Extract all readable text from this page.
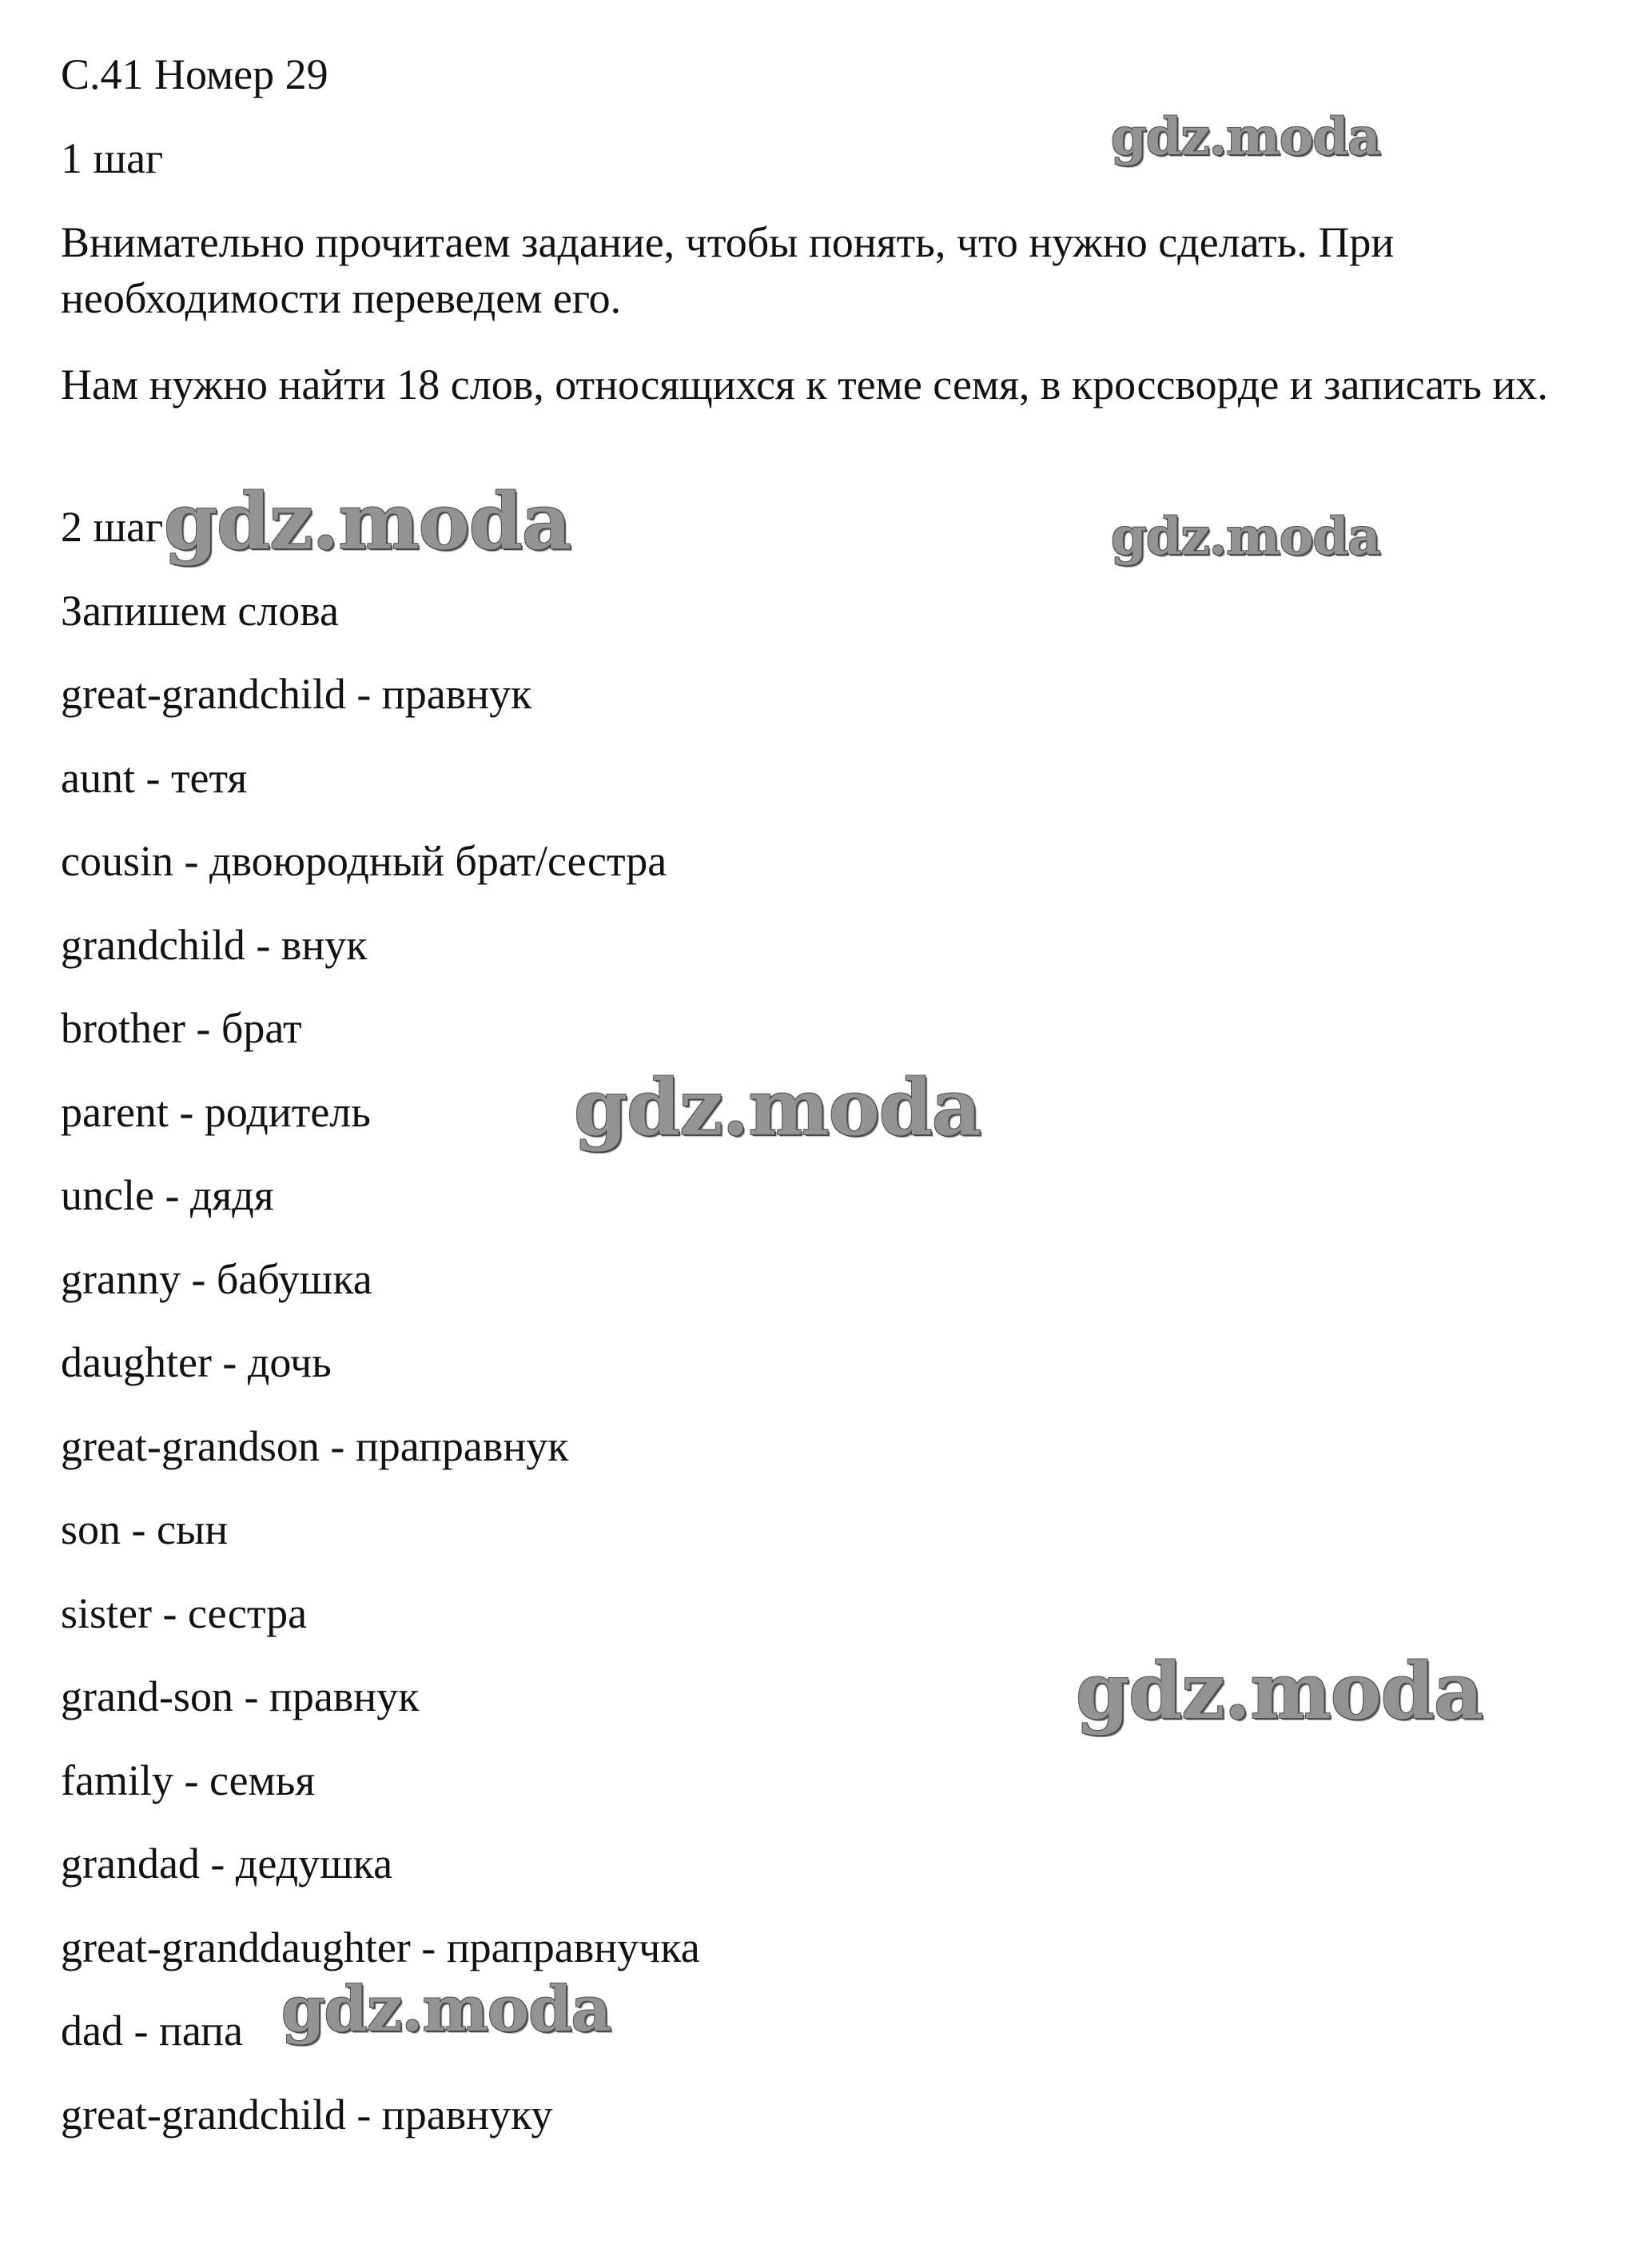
С.41 Номер 29

1 шаг

Внимательно прочитаем задание, чтобы понять, что нужно сделать. При необходимости переведем его.

Нам нужно найти 18 слов, относящихся к теме семя, в кроссворде и записать их.

2 шаг

Запишем слова

great-grandchild - правнук

aunt - тетя

cousin - двоюродный брат/сестра

grandchild - внук

brother - брат

parent - родитель

uncle - дядя

granny - бабушка

daughter - дочь

great-grandson - праправнук

son - сын

sister - сестра

grand-son - правнук

family - семья

grandad - дедушка

great-granddaughter - праправнучка

dad - папа

great-grandchild - правнуку

gdz.moda
gdz.moda	gdz.moda
gdz.moda
gdz.moda
gdz.moda
